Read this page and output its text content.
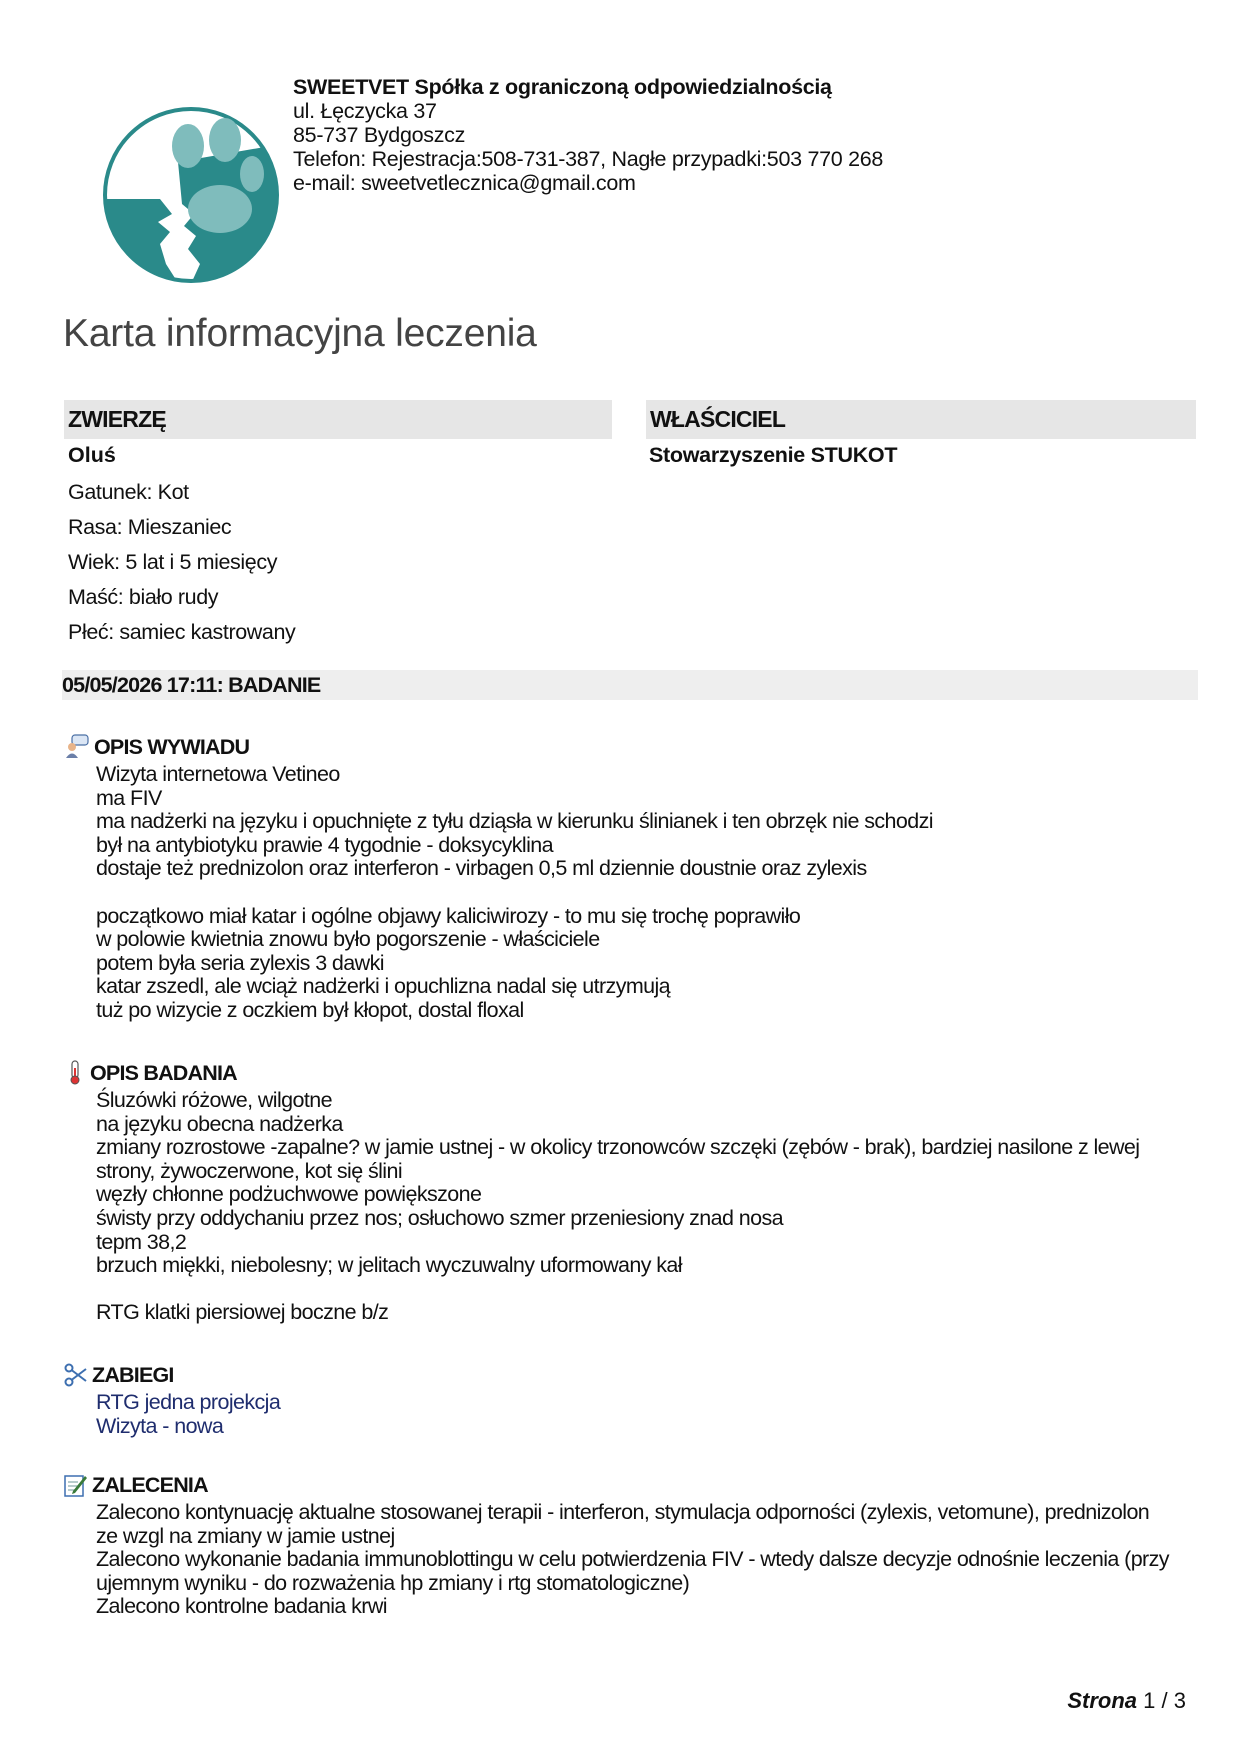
SWEETVET Spółka z ograniczoną odpowiedzialnością
ul. Łęczycka 37
85-737 Bydgoszcz
Telefon: Rejestracja:508-731-387, Nagłe przypadki:503 770 268
e-mail: sweetvetlecznica@gmail.com
Karta informacyjna leczenia
ZWIERZĘ	WŁAŚCICIEL
Oluś	Stowarzyszenie STUKOT
Gatunek: Kot
Rasa: Mieszaniec
Wiek: 5 lat i 5 miesięcy
Maść: biało rudy
Płeć: samiec kastrowany
05/05/2026 17:11: BADANIE
OPIS WYWIADU
Wizyta internetowa Vetineo
ma FIV
ma nadżerki na języku i opuchnięte z tyłu dziąsła w kierunku ślinianek i ten obrzęk nie schodzi
był na antybiotyku prawie 4 tygodnie - doksycyklina
dostaje też prednizolon oraz interferon - virbagen 0,5 ml dziennie doustnie oraz zylexis

początkowo miał katar i ogólne objawy kaliciwirozy - to mu się trochę poprawiło
w polowie kwietnia znowu było pogorszenie - właściciele
potem była seria zylexis 3 dawki
katar zszedl, ale wciąż nadżerki i opuchlizna nadal się utrzymują
tuż po wizycie z oczkiem był kłopot, dostal floxal
OPIS BADANIA
Śluzówki różowe, wilgotne
na języku obecna nadżerka
zmiany rozrostowe -zapalne? w jamie ustnej - w okolicy trzonowców szczęki (zębów - brak), bardziej nasilone z lewej strony, żywoczerwone, kot się ślini
węzły chłonne podżuchwowe powiększone
świsty przy oddychaniu przez nos; osłuchowo szmer przeniesiony znad nosa
tepm 38,2
brzuch miękki, niebolesny; w jelitach wyczuwalny uformowany kał

RTG klatki piersiowej boczne b/z
ZABIEGI
RTG jedna projekcja
Wizyta - nowa
ZALECENIA
Zalecono kontynuację aktualne stosowanej terapii - interferon, stymulacja odporności (zylexis, vetomune), prednizolon ze wzgl na zmiany w jamie ustnej
Zalecono wykonanie badania immunoblottingu w celu potwierdzenia FIV - wtedy dalsze decyzje odnośnie leczenia (przy ujemnym wyniku - do rozważenia hp zmiany i rtg stomatologiczne)
Zalecono kontrolne badania krwi
Strona 1 / 3
